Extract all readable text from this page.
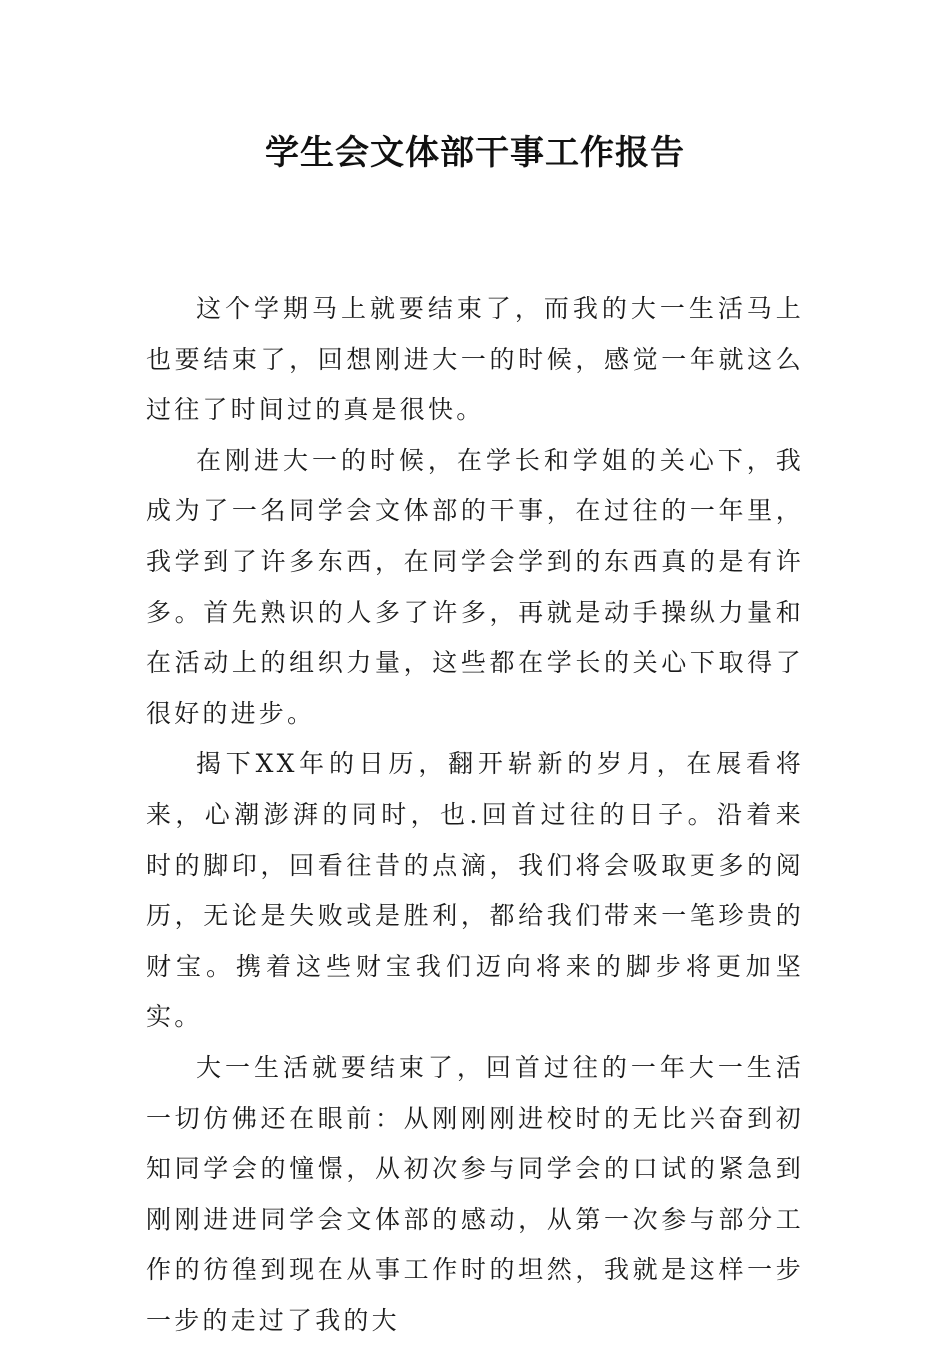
学生会文体部干事工作报告

这个学期马上就要结束了，而我的大一生活马上也要结束了，回想刚进大一的时候，感觉一年就这么过往了时间过的真是很快。

在刚进大一的时候，在学长和学姐的关心下，我成为了一名同学会文体部的干事，在过往的一年里，我学到了许多东西，在同学会学到的东西真的是有许多。首先熟识的人多了许多，再就是动手操纵力量和在活动上的组织力量，这些都在学长的关心下取得了很好的进步。

揭下XX年的日历，翻开崭新的岁月，在展看将来，心潮澎湃的同时，也.回首过往的日子。沿着来时的脚印，回看往昔的点滴，我们将会吸取更多的阅历，无论是失败或是胜利，都给我们带来一笔珍贵的财宝。携着这些财宝我们迈向将来的脚步将更加坚实。

大一生活就要结束了，回首过往的一年大一生活一切仿佛还在眼前：从刚刚刚进校时的无比兴奋到初知同学会的憧憬，从初次参与同学会的口试的紧急到刚刚进进同学会文体部的感动，从第一次参与部分工作的彷徨到现在从事工作时的坦然，我就是这样一步一步的走过了我的大
